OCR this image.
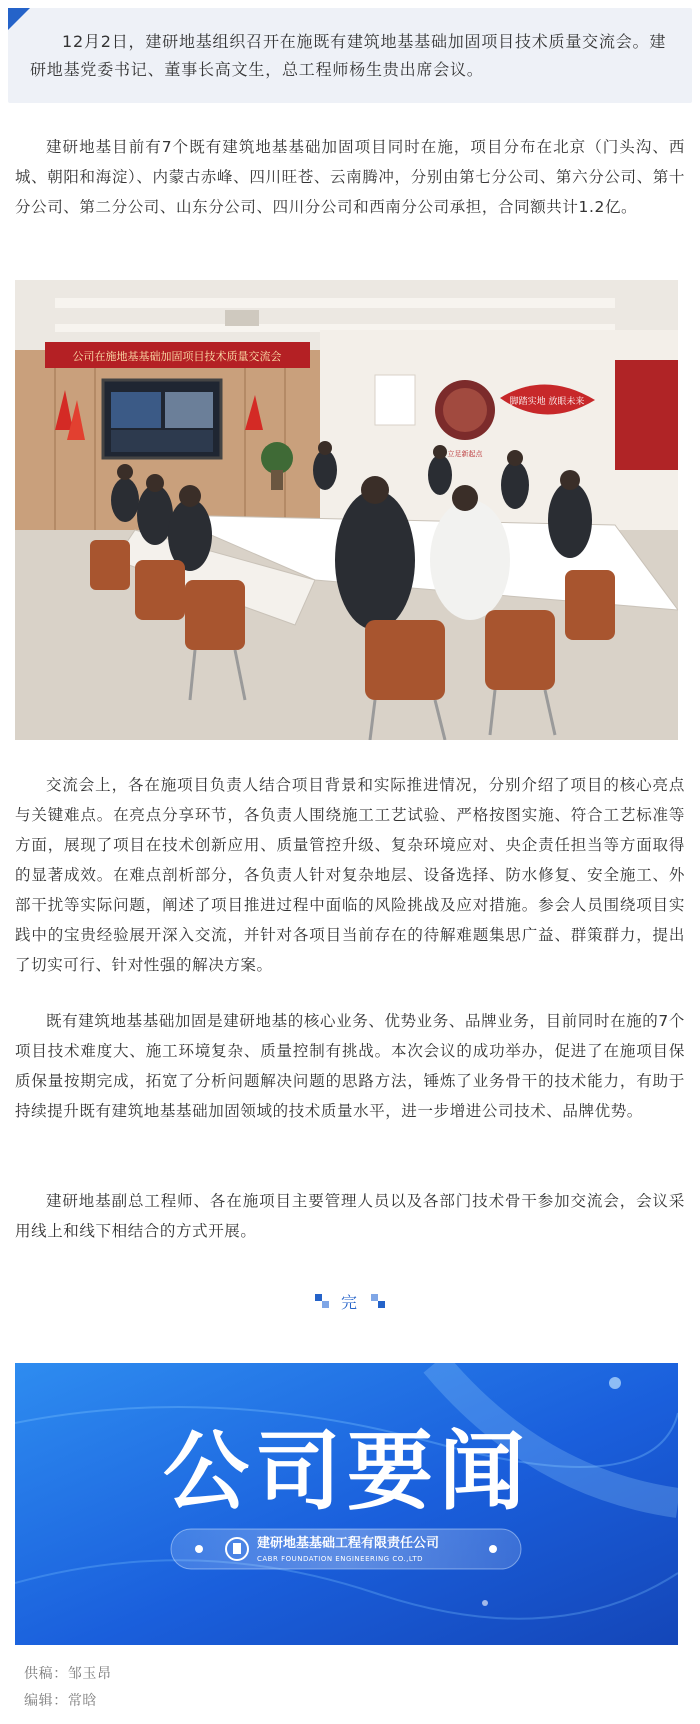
12月2日，建研地基组织召开在施既有建筑地基基础加固项目技术质量交流会。建研地基党委书记、董事长高文生，总工程师杨生贵出席会议。

建研地基目前有7个既有建筑地基基础加固项目同时在施，项目分布在北京（门头沟、西城、朝阳和海淀）、内蒙古赤峰、四川旺苍、云南腾冲，分别由第七分公司、第六分公司、第十分公司、第二分公司、山东分公司、四川分公司和西南分公司承担，合同额共计1.2亿。

公司在施地基基础加固项目技术质量交流会
立足新起点
脚踏实地 放眼未来

交流会上，各在施项目负责人结合项目背景和实际推进情况，分别介绍了项目的核心亮点与关键难点。在亮点分享环节，各负责人围绕施工工艺试验、严格按图实施、符合工艺标准等方面，展现了项目在技术创新应用、质量管控升级、复杂环境应对、央企责任担当等方面取得的显著成效。在难点剖析部分，各负责人针对复杂地层、设备选择、防水修复、安全施工、外部干扰等实际问题，阐述了项目推进过程中面临的风险挑战及应对措施。参会人员围绕项目实践中的宝贵经验展开深入交流，并针对各项目当前存在的待解难题集思广益、群策群力，提出了切实可行、针对性强的解决方案。

既有建筑地基基础加固是建研地基的核心业务、优势业务、品牌业务，目前同时在施的7个项目技术难度大、施工环境复杂、质量控制有挑战。本次会议的成功举办，促进了在施项目保质保量按期完成，拓宽了分析问题解决问题的思路方法，锤炼了业务骨干的技术能力，有助于持续提升既有建筑地基基础加固领域的技术质量水平，进一步增进公司技术、品牌优势。

建研地基副总工程师、各在施项目主要管理人员以及各部门技术骨干参加交流会，会议采用线上和线下相结合的方式开展。

完
公司要闻
建研地基基础工程有限责任公司
CABR FOUNDATION ENGINEERING CO.,LTD
供稿：邹玉昂
编辑：常晗
